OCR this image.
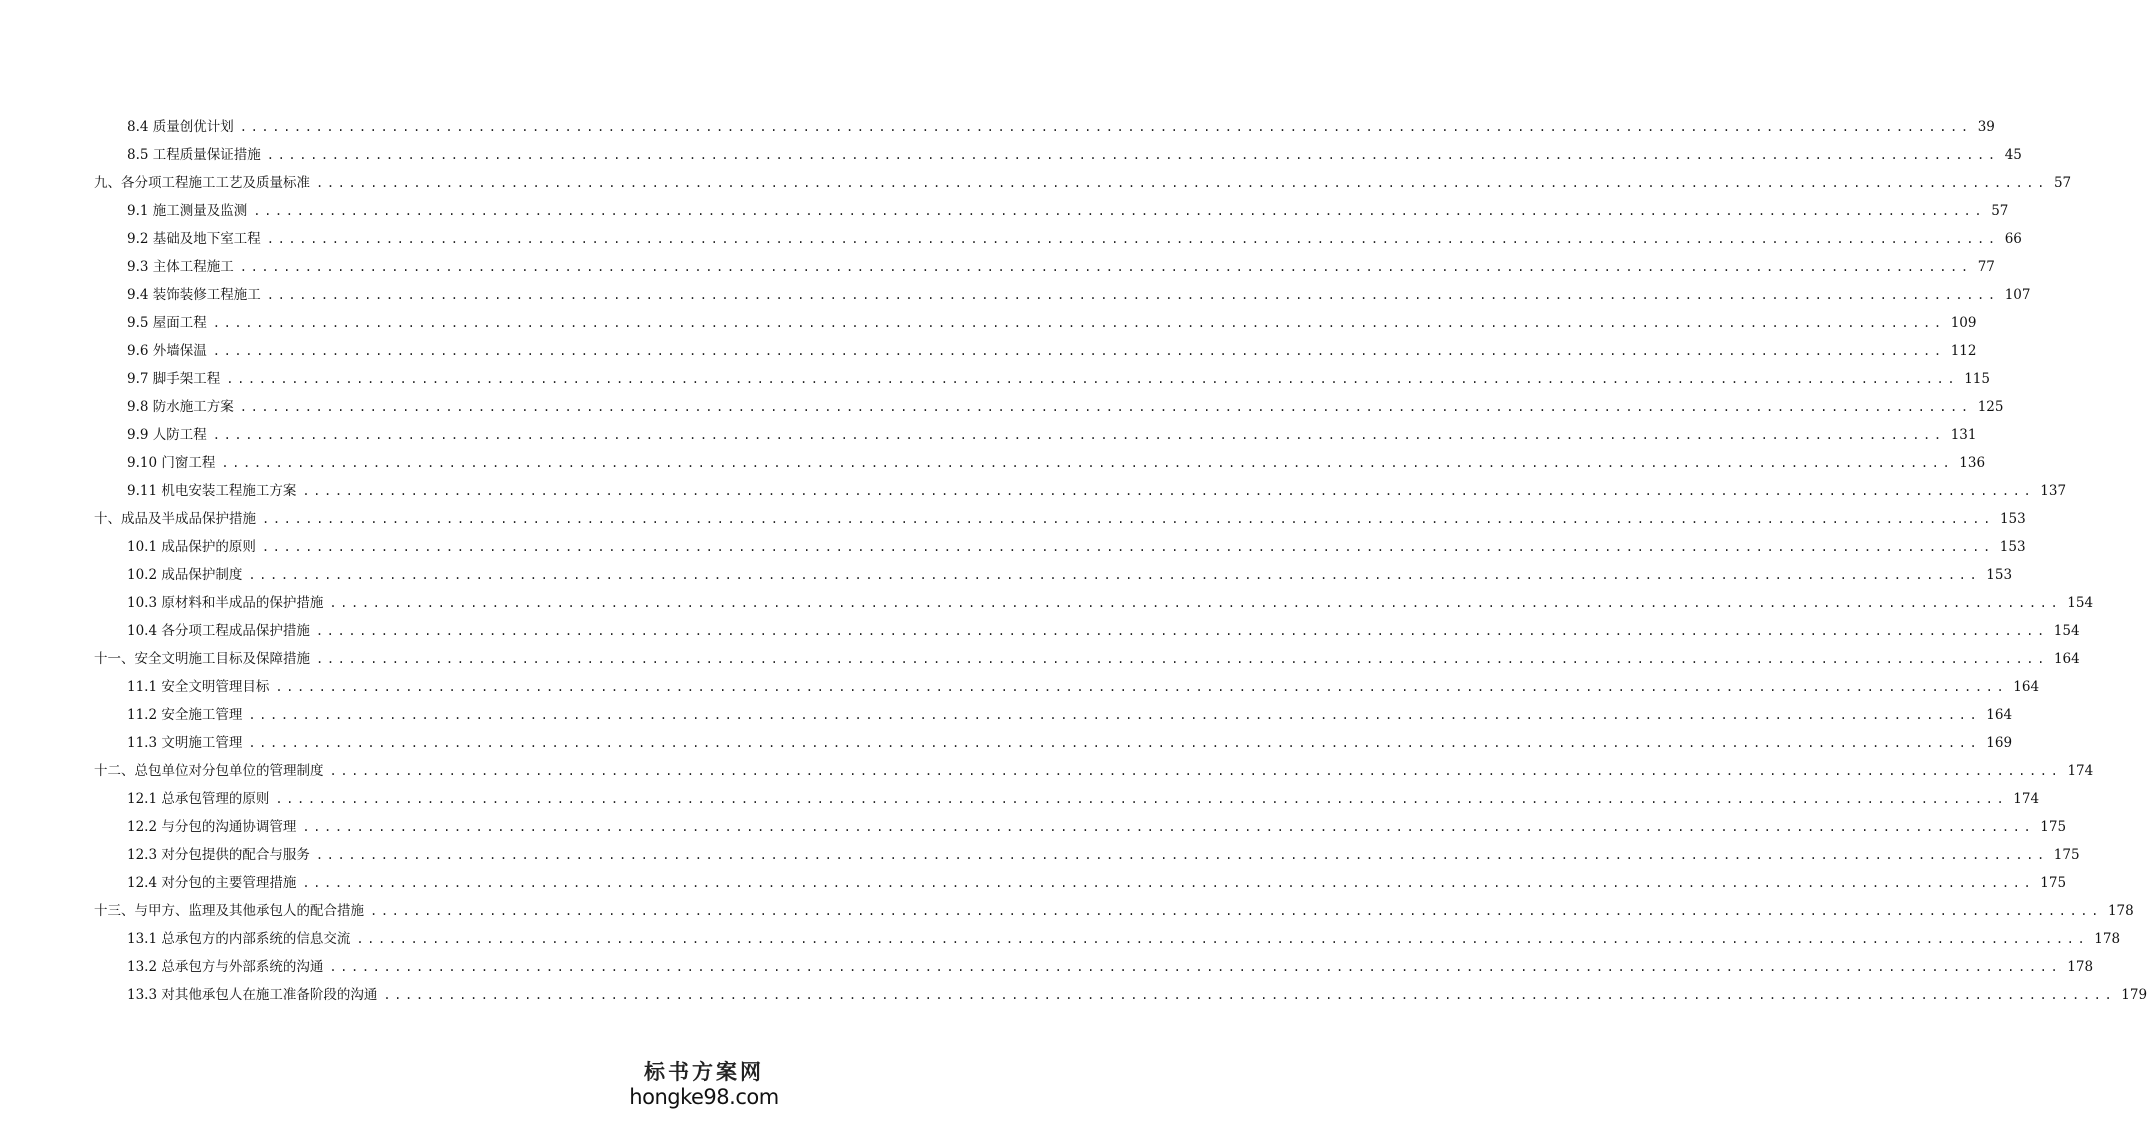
8.4 质量创优计划 ................................................................................................................................................................ 39
8.5 工程质量保证措施 ................................................................................................................................................................ 45
九、各分项工程施工工艺及质量标准 ................................................................................................................................................................ 57
9.1 施工测量及监测 ................................................................................................................................................................ 57
9.2 基础及地下室工程 ................................................................................................................................................................ 66
9.3 主体工程施工 ................................................................................................................................................................ 77
9.4 装饰装修工程施工 ................................................................................................................................................................ 107
9.5 屋面工程 ................................................................................................................................................................ 109
9.6 外墙保温 ................................................................................................................................................................ 112
9.7 脚手架工程 ................................................................................................................................................................ 115
9.8 防水施工方案 ................................................................................................................................................................ 125
9.9 人防工程 ................................................................................................................................................................ 131
9.10 门窗工程 ................................................................................................................................................................ 136
9.11 机电安装工程施工方案 ................................................................................................................................................................ 137
十、成品及半成品保护措施 ................................................................................................................................................................ 153
10.1 成品保护的原则 ................................................................................................................................................................ 153
10.2 成品保护制度 ................................................................................................................................................................ 153
10.3 原材料和半成品的保护措施 ................................................................................................................................................................ 154
10.4 各分项工程成品保护措施 ................................................................................................................................................................ 154
十一、安全文明施工目标及保障措施 ................................................................................................................................................................ 164
11.1 安全文明管理目标 ................................................................................................................................................................ 164
11.2 安全施工管理 ................................................................................................................................................................ 164
11.3 文明施工管理 ................................................................................................................................................................ 169
十二、总包单位对分包单位的管理制度 ................................................................................................................................................................ 174
12.1 总承包管理的原则 ................................................................................................................................................................ 174
12.2 与分包的沟通协调管理 ................................................................................................................................................................ 175
12.3 对分包提供的配合与服务 ................................................................................................................................................................ 175
12.4 对分包的主要管理措施 ................................................................................................................................................................ 175
十三、与甲方、监理及其他承包人的配合措施 ................................................................................................................................................................ 178
13.1 总承包方的内部系统的信息交流 ................................................................................................................................................................ 178
13.2 总承包方与外部系统的沟通 ................................................................................................................................................................ 178
13.3 对其他承包人在施工准备阶段的沟通 ................................................................................................................................................................ 179
标书方案网
hongke98.com
